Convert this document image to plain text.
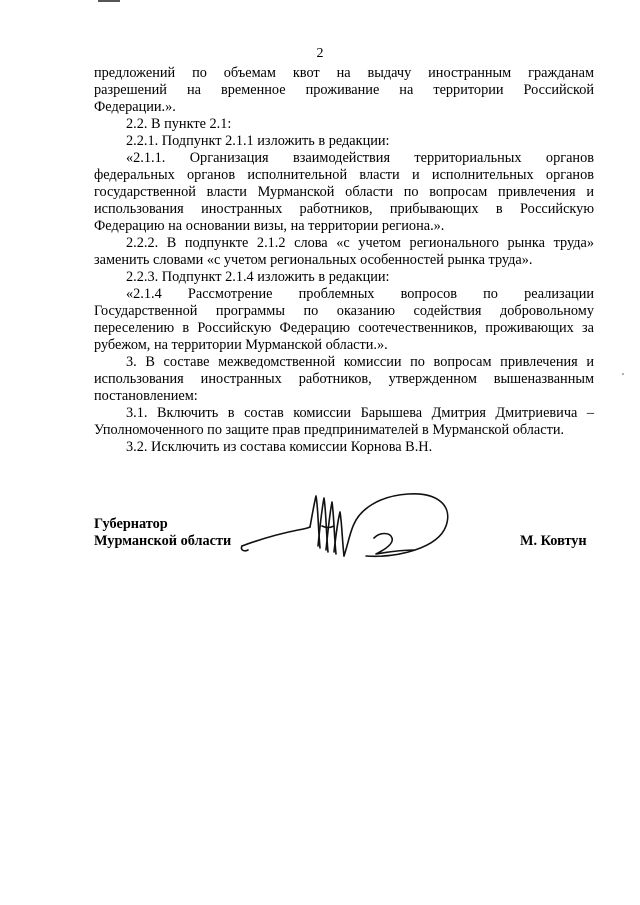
2

предложений по объемам квот на выдачу иностранным гражданам

разрешений на временное проживание на территории Российской

Федерации.».

2.2. В пункте 2.1:

2.2.1. Подпункт 2.1.1 изложить в редакции:

«2.1.1. Организация взаимодействия территориальных органов

федеральных органов исполнительной власти и исполнительных органов

государственной власти Мурманской области по вопросам привлечения и

использования иностранных работников, прибывающих в Российскую

Федерацию на основании визы, на территории региона.».

2.2.2. В подпункте 2.1.2 слова «с учетом регионального рынка труда»

заменить словами «с учетом региональных особенностей рынка труда».

2.2.3. Подпункт 2.1.4 изложить в редакции:

«2.1.4 Рассмотрение проблемных вопросов по реализации

Государственной программы по оказанию содействия добровольному

переселению в Российскую Федерацию соотечественников, проживающих за

рубежом, на территории Мурманской области.».

3. В составе межведомственной комиссии по вопросам привлечения и

использования иностранных работников, утвержденном вышеназванным

постановлением:

3.1. Включить в состав комиссии Барышева Дмитрия Дмитриевича –

Уполномоченного по защите прав предпринимателей в Мурманской области.

3.2. Исключить из состава комиссии Корнова В.Н.

Губернатор
Мурманской области	М. Ковтун
